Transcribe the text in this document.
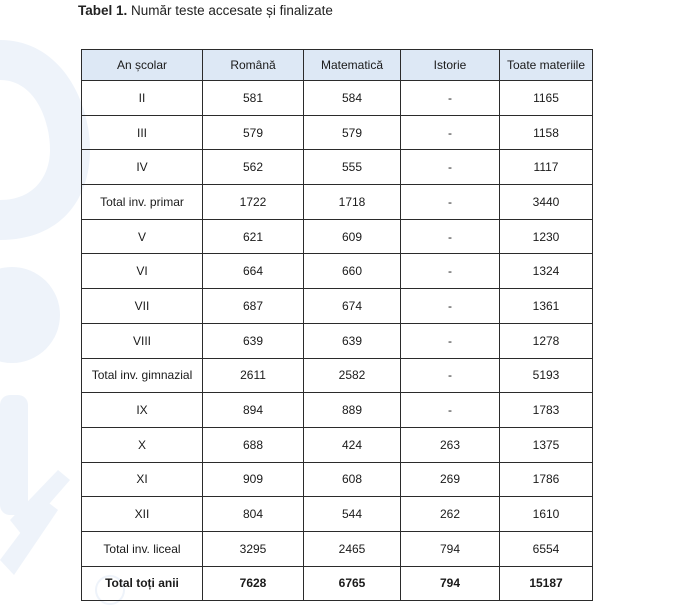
Tabel 1. Număr teste accesate și finalizate
An școlar	Română	Matematică	Istorie	Toate materiile
II	581	584	-	1165
III	579	579	-	1158
IV	562	555	-	1117
Total inv. primar	1722	1718	-	3440
V	621	609	-	1230
VI	664	660	-	1324
VII	687	674	-	1361
VIII	639	639	-	1278
Total inv. gimnazial	2611	2582	-	5193
IX	894	889	-	1783
X	688	424	263	1375
XI	909	608	269	1786
XII	804	544	262	1610
Total inv. liceal	3295	2465	794	6554
Total toți anii	7628	6765	794	15187
